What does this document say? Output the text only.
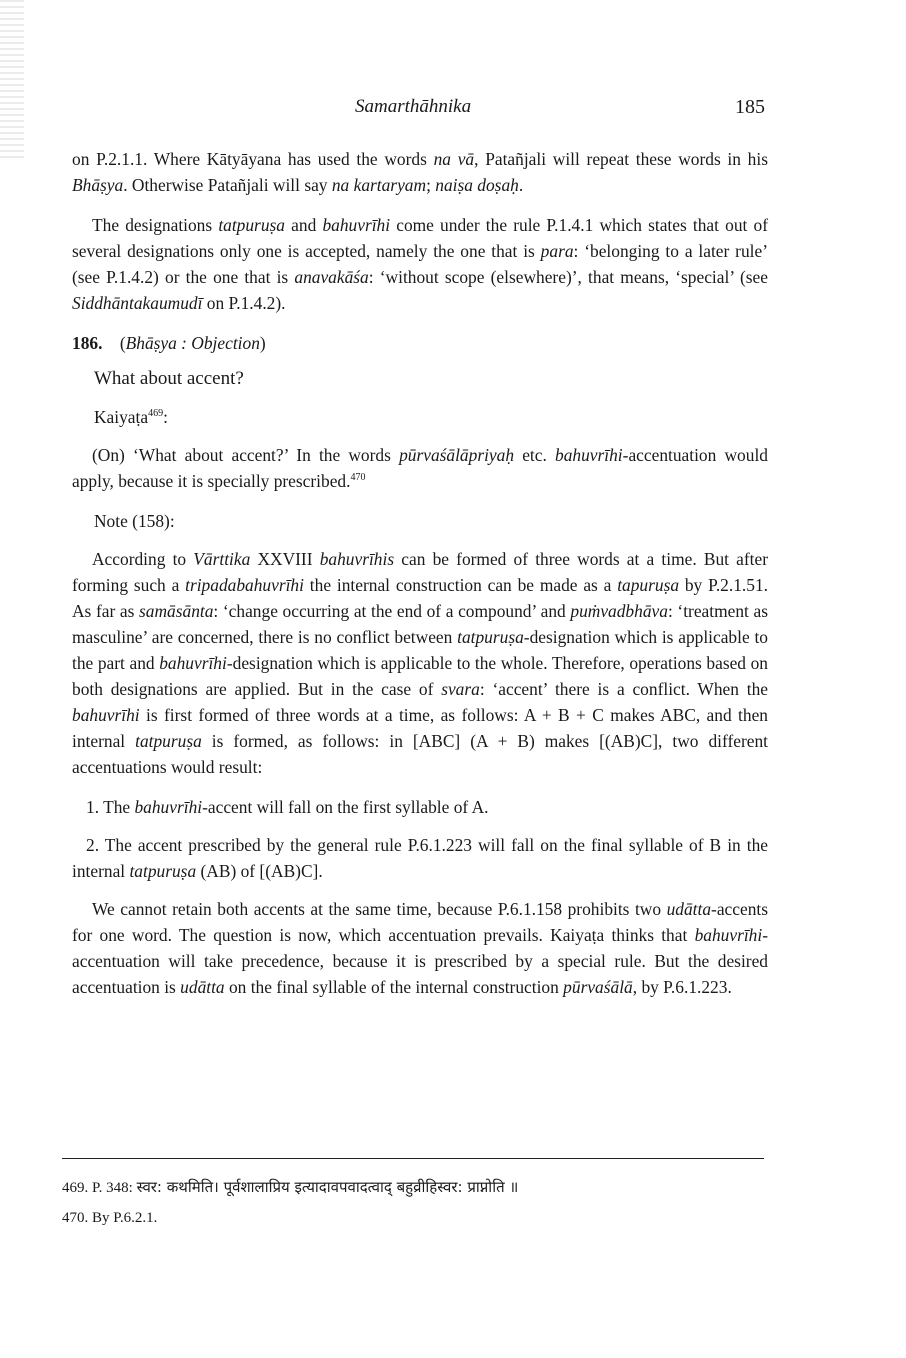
Samarthāhnika	185

on P.2.1.1. Where Kātyāyana has used the words na vā, Patañjali will repeat these words in his Bhāṣya. Otherwise Patañjali will say na kartaryam; naiṣa doṣaḥ.

The designations tatpuruṣa and bahuvrīhi come under the rule P.1.4.1 which states that out of several designations only one is accepted, namely the one that is para: ‘belonging to a later rule’ (see P.1.4.2) or the one that is anavakāśa: ‘without scope (elsewhere)’, that means, ‘special’ (see Siddhāntakaumudī on P.1.4.2).

186. (Bhāṣya : Objection)

What about accent?

Kaiyaṭa$^{469}$:

(On) ‘What about accent?’ In the words pūrvaśālāpriyaḥ etc. bahuvrīhi-accentuation would apply, because it is specially prescribed.$^{470}$

Note (158):

According to Vārttika XXVIII bahuvrīhis can be formed of three words at a time. But after forming such a tripadabahuvrīhi the internal construction can be made as a tapuruṣa by P.2.1.51. As far as samāsānta: ‘change occurring at the end of a compound’ and puṁvadbhāva: ‘treatment as masculine’ are concerned, there is no conflict between tatpuruṣa-designation which is applicable to the part and bahuvrīhi-designation which is applicable to the whole. Therefore, operations based on both designations are applied. But in the case of svara: ‘accent’ there is a conflict. When the bahuvrīhi is first formed of three words at a time, as follows: A + B + C makes ABC, and then internal tatpuruṣa is formed, as follows: in [ABC] (A + B) makes [(AB)C], two different accentuations would result:

1. The bahuvrīhi-accent will fall on the first syllable of A.

2. The accent prescribed by the general rule P.6.1.223 will fall on the final syllable of B in the internal tatpuruṣa (AB) of [(AB)C].

We cannot retain both accents at the same time, because P.6.1.158 prohibits two udātta-accents for one word. The question is now, which accentuation prevails. Kaiyaṭa thinks that bahuvrīhi-accentuation will take precedence, because it is prescribed by a special rule. But the desired accentuation is udātta on the final syllable of the internal construction pūrvaśālā, by P.6.1.223.

469. P. 348: स्वर: कथमिति। पूर्वशालाप्रिय इत्यादावपवादत्वाद् बहुव्रीहिस्वर: प्राप्नोति ॥
470. By P.6.2.1.
